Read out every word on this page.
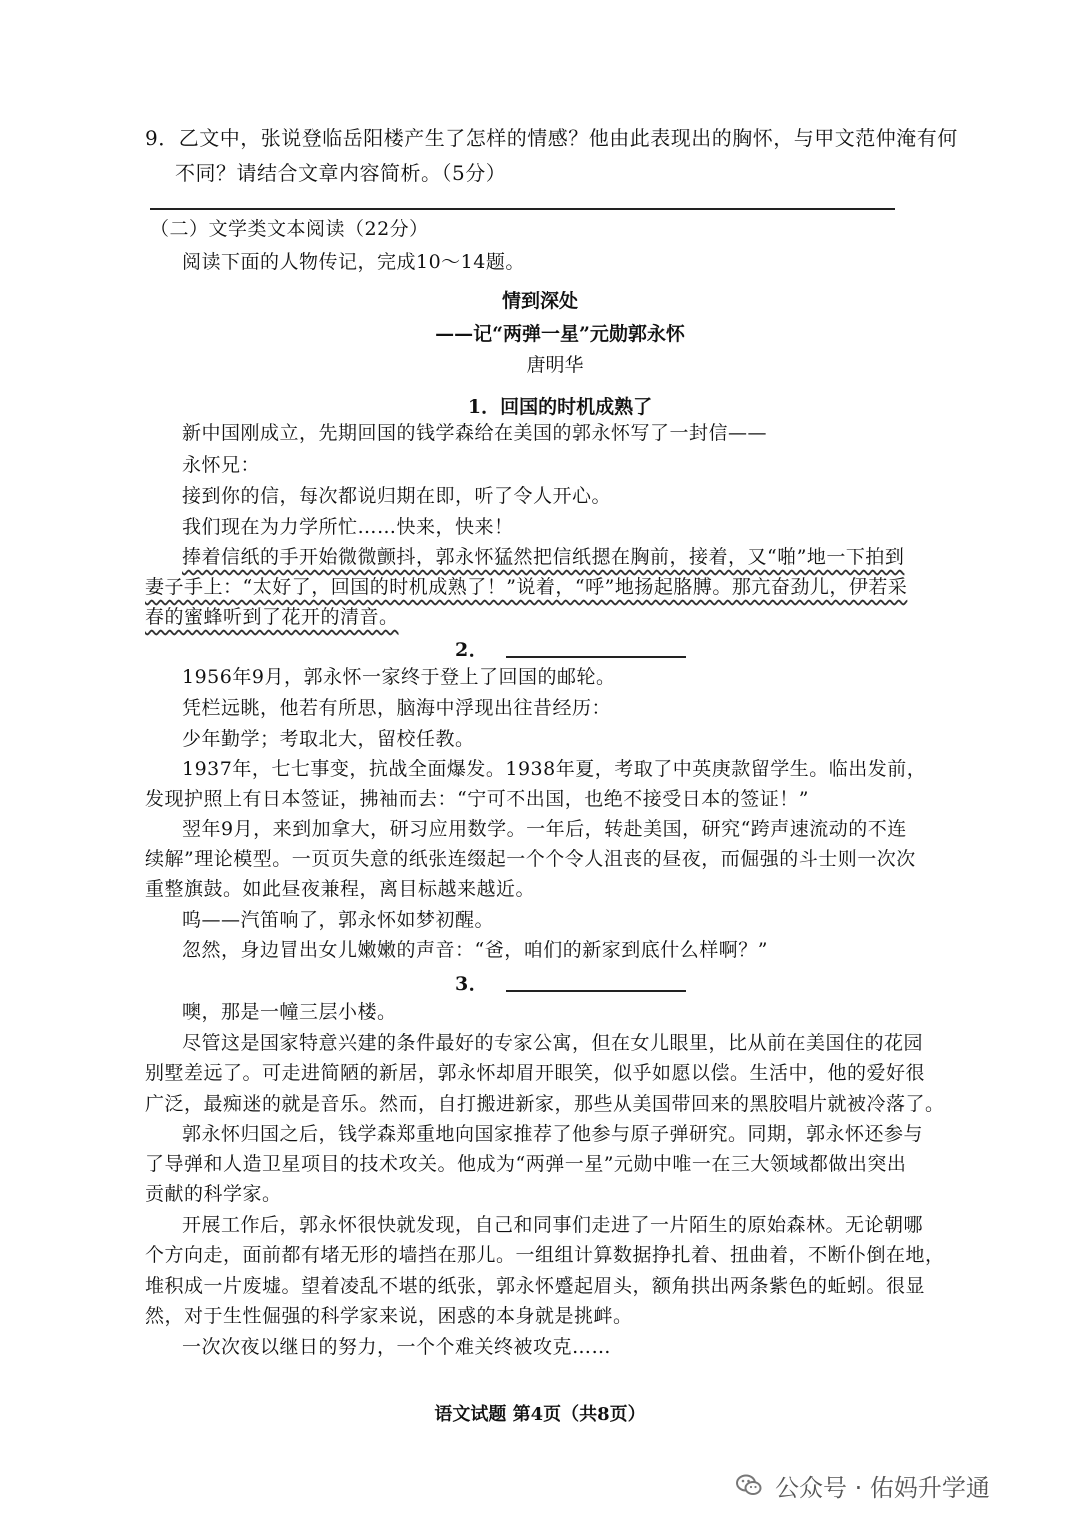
9．乙文中，张说登临岳阳楼产生了怎样的情感？他由此表现出的胸怀，与甲文范仲淹有何
不同？请结合文章内容简析。（5分）
（二）文学类文本阅读（22分）
阅读下面的人物传记，完成10～14题。
情到深处
——记“两弹一星”元勋郭永怀
唐明华
1．回国的时机成熟了
新中国刚成立，先期回国的钱学森给在美国的郭永怀写了一封信——
永怀兄：
接到你的信，每次都说归期在即，听了令人开心。
我们现在为力学所忙……快来，快来！
捧着信纸的手开始微微颤抖，郭永怀猛然把信纸摁在胸前，接着，又“啪”地一下拍到
妻子手上：“太好了，回国的时机成熟了！”说着，“呼”地扬起胳膊。那亢奋劲儿，伊若采
春的蜜蜂听到了花开的清音。
2．
1956年9月，郭永怀一家终于登上了回国的邮轮。
凭栏远眺，他若有所思，脑海中浮现出往昔经历：
少年勤学；考取北大，留校任教。
1937年，七七事变，抗战全面爆发。1938年夏，考取了中英庚款留学生。临出发前，
发现护照上有日本签证，拂袖而去：“宁可不出国，也绝不接受日本的签证！”
翌年9月，来到加拿大，研习应用数学。一年后，转赴美国，研究“跨声速流动的不连
续解”理论模型。一页页失意的纸张连缀起一个个令人沮丧的昼夜，而倔强的斗士则一次次
重整旗鼓。如此昼夜兼程，离目标越来越近。
呜——汽笛响了，郭永怀如梦初醒。
忽然，身边冒出女儿嫩嫩的声音：“爸，咱们的新家到底什么样啊？”
3．
噢，那是一幢三层小楼。
尽管这是国家特意兴建的条件最好的专家公寓，但在女儿眼里，比从前在美国住的花园
别墅差远了。可走进简陋的新居，郭永怀却眉开眼笑，似乎如愿以偿。生活中，他的爱好很
广泛，最痴迷的就是音乐。然而，自打搬进新家，那些从美国带回来的黑胶唱片就被冷落了。
郭永怀归国之后，钱学森郑重地向国家推荐了他参与原子弹研究。同期，郭永怀还参与
了导弹和人造卫星项目的技术攻关。他成为“两弹一星”元勋中唯一在三大领域都做出突出
贡献的科学家。
开展工作后，郭永怀很快就发现，自己和同事们走进了一片陌生的原始森林。无论朝哪
个方向走，面前都有堵无形的墙挡在那儿。一组组计算数据挣扎着、扭曲着，不断仆倒在地，
堆积成一片废墟。望着凌乱不堪的纸张，郭永怀蹙起眉头，额角拱出两条紫色的蚯蚓。很显
然，对于生性倔强的科学家来说，困惑的本身就是挑衅。
一次次夜以继日的努力，一个个难关终被攻克……
语文试题 第4页（共8页）
公众号 · 佑妈升学通
